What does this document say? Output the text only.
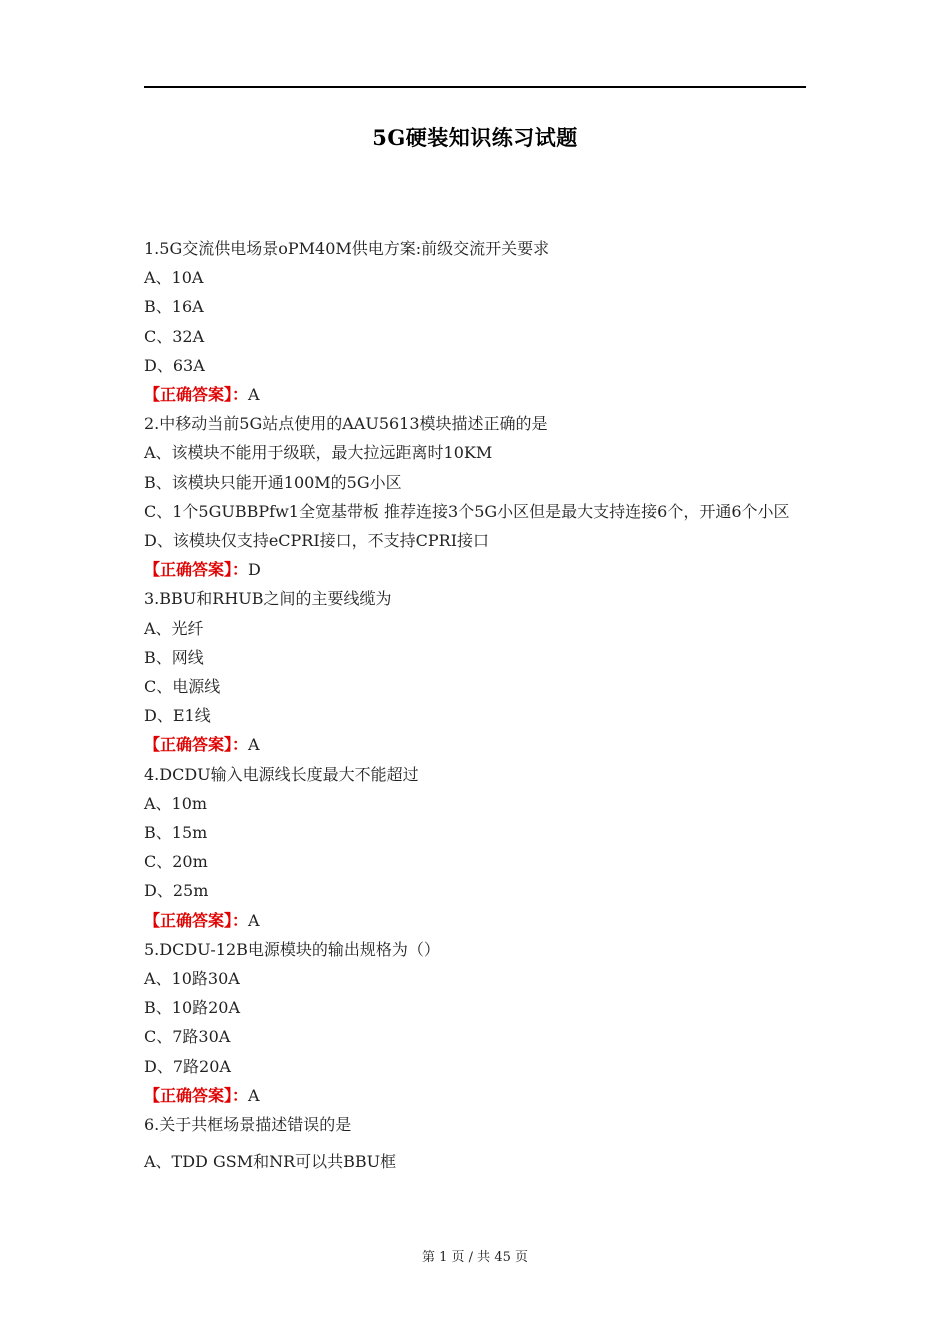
5G硬装知识练习试题
1.5G交流供电场景oPM40M供电方案:前级交流开关要求
A、10A
B、16A
C、32A
D、63A
【正确答案】：A
2.中移动当前5G站点使用的AAU5613模块描述正确的是
A、该模块不能用于级联，最大拉远距离时10KM
B、该模块只能开通100M的5G小区
C、1个5GUBBPfw1全宽基带板 推荐连接3个5G小区但是最大支持连接6个，开通6个小区
D、该模块仅支持eCPRI接口，不支持CPRI接口
【正确答案】：D
3.BBU和RHUB之间的主要线缆为
A、光纤
B、网线
C、电源线
D、E1线
【正确答案】：A
4.DCDU输入电源线长度最大不能超过
A、10m
B、15m
C、20m
D、25m
【正确答案】：A
5.DCDU-12B电源模块的输出规格为（）
A、10路30A
B、10路20A
C、7路30A
D、7路20A
【正确答案】：A
6.关于共框场景描述错误的是
A、TDD GSM和NR可以共BBU框
第 1 页 / 共 45 页
